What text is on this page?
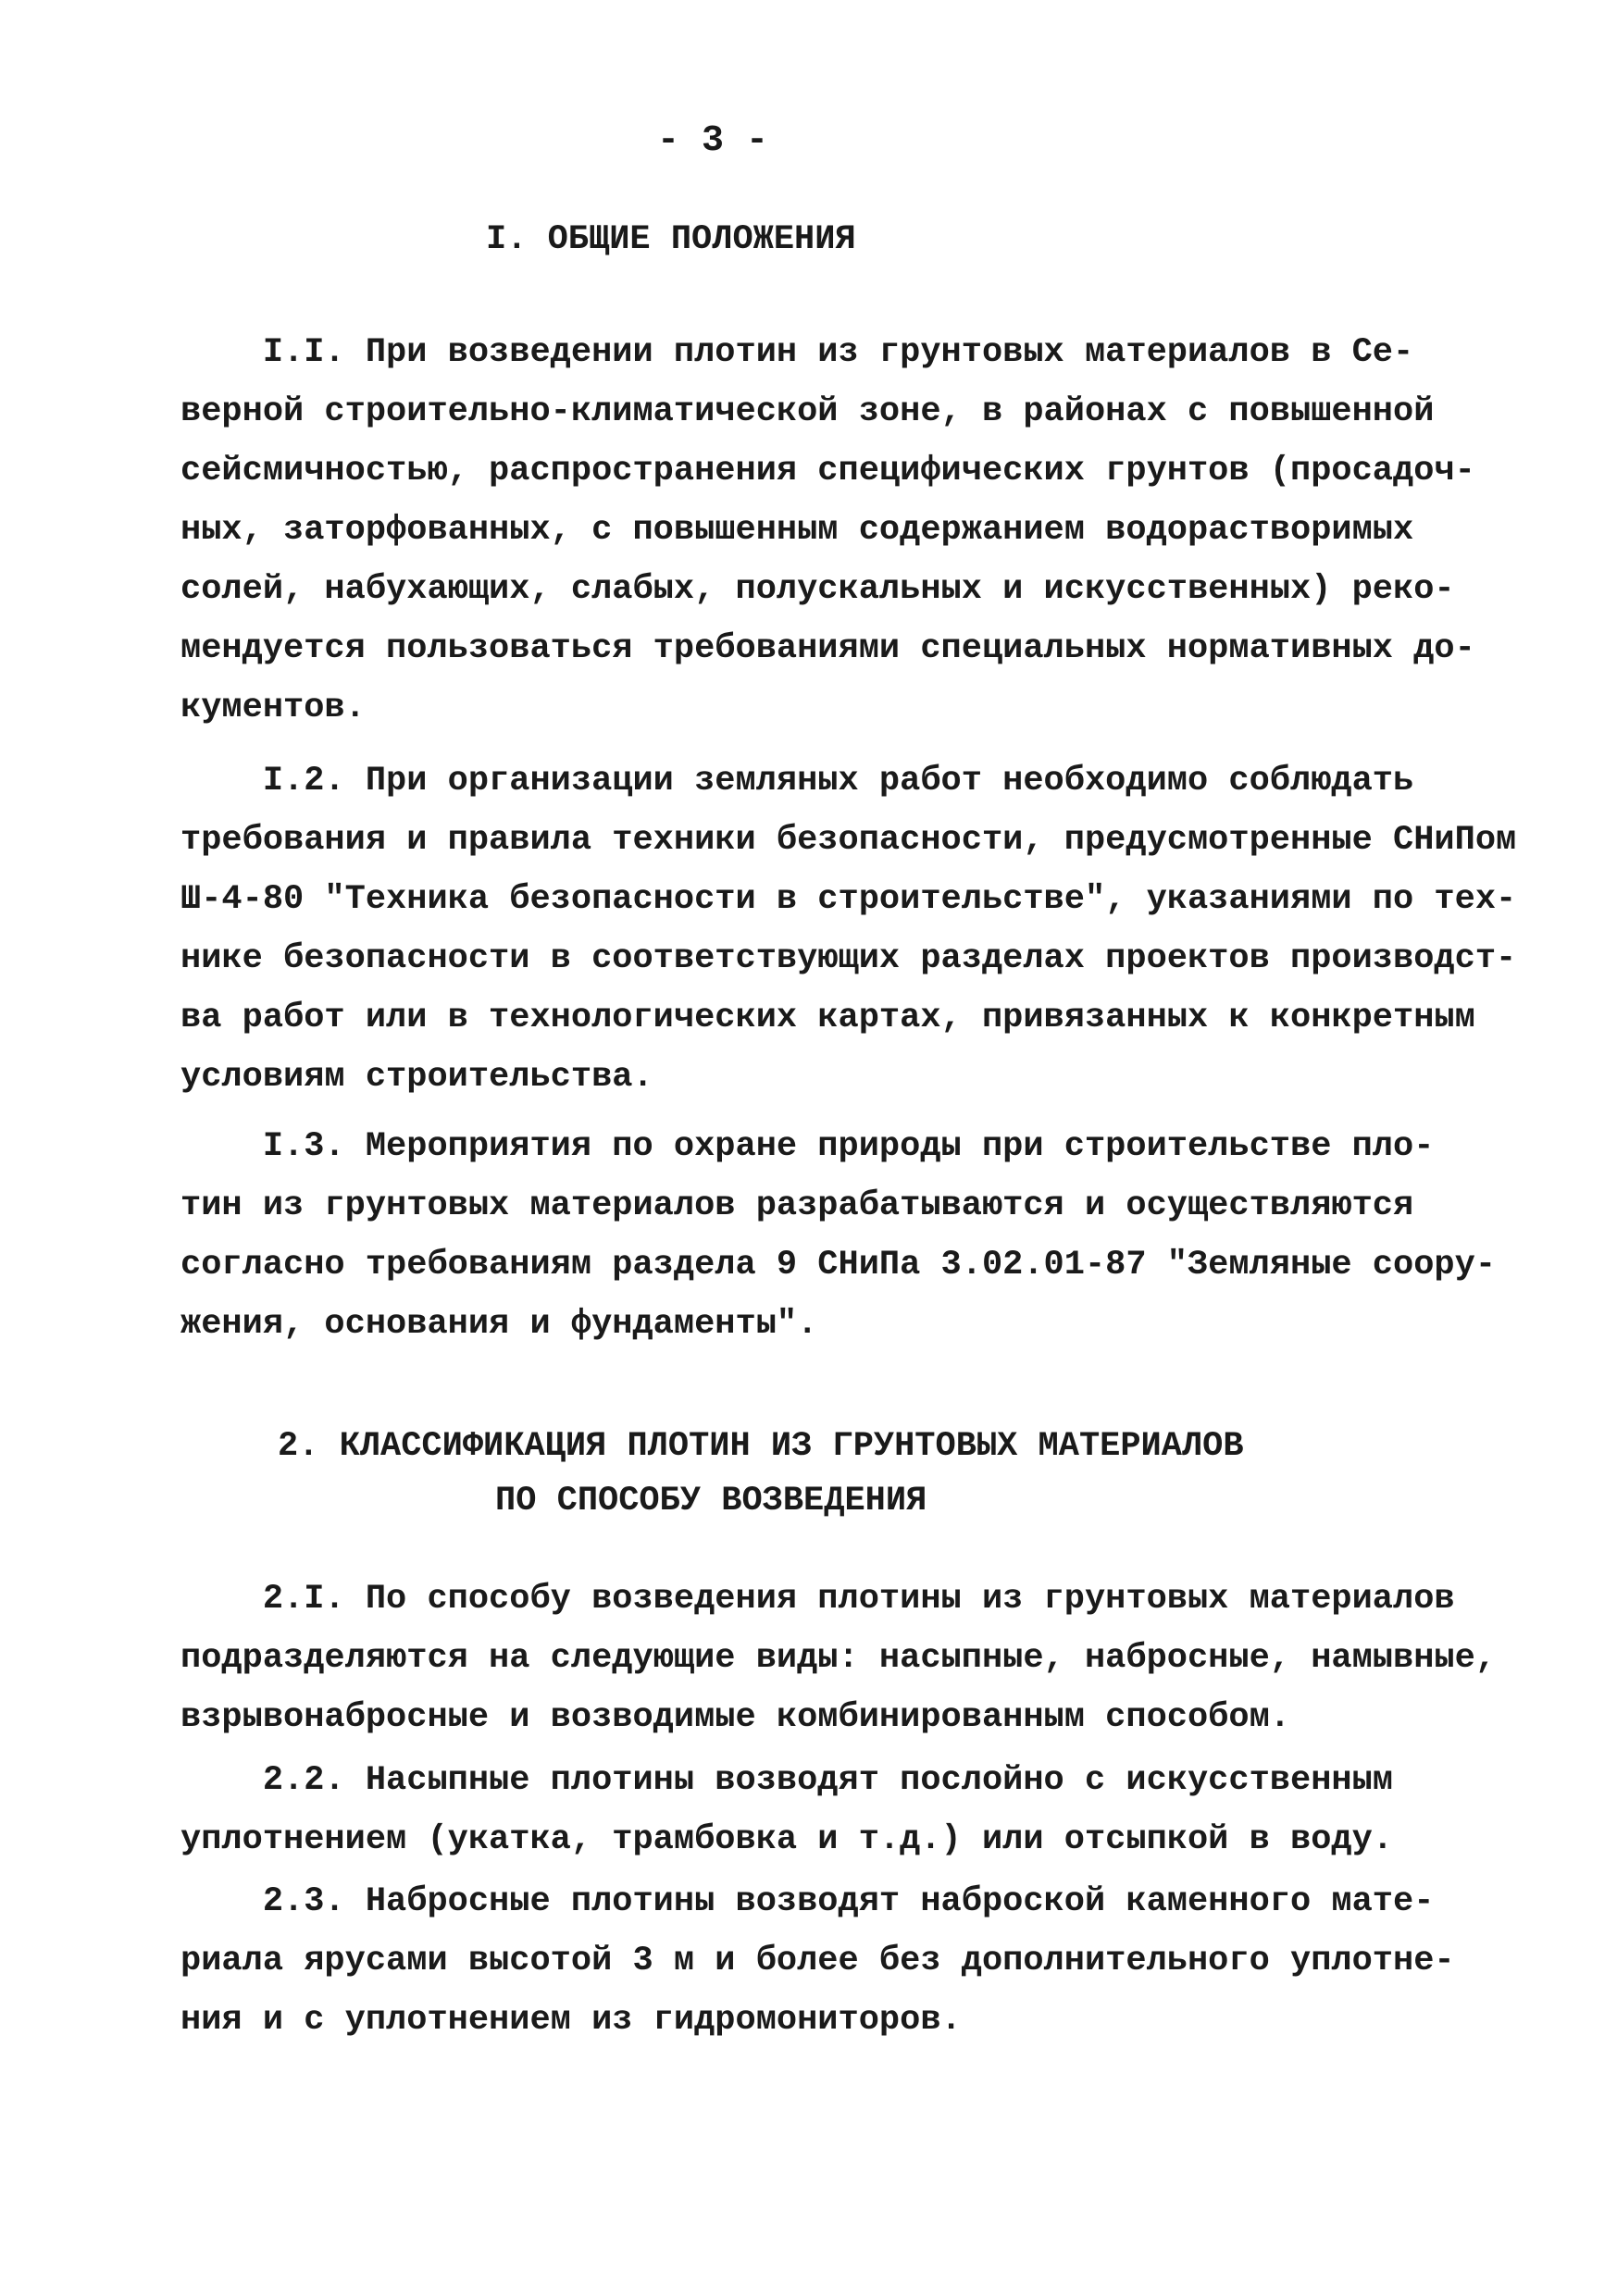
- 3 -
I. ОБЩИЕ ПОЛОЖЕНИЯ
I.I. При возведении плотин из грунтовых материалов в Се-
верной строительно-климатической зоне, в районах с повышенной
сейсмичностью, распространения специфических грунтов (просадоч-
ных, заторфованных, с повышенным содержанием водорастворимых
солей, набухающих, слабых, полускальных и искусственных) реко-
мендуется пользоваться требованиями специальных нормативных до-
кументов.
I.2. При организации земляных работ необходимо соблюдать
требования и правила техники безопасности, предусмотренные СНиПом
Ш-4-80 "Техника безопасности в строительстве", указаниями по тех-
нике безопасности в соответствующих разделах проектов производст-
ва работ или в технологических картах, привязанных к конкретным
условиям строительства.
I.3. Мероприятия по охране природы при строительстве пло-
тин из грунтовых материалов разрабатываются и осуществляются
согласно требованиям раздела 9 СНиПа 3.02.01-87 "Земляные соору-
жения, основания и фундаменты".
2. КЛАССИФИКАЦИЯ ПЛОТИН ИЗ ГРУНТОВЫХ МАТЕРИАЛОВ
ПО СПОСОБУ ВОЗВЕДЕНИЯ
2.I. По способу возведения плотины из грунтовых материалов
подразделяются на следующие виды: насыпные, набросные, намывные,
взрывонабросные и возводимые комбинированным способом.
2.2. Насыпные плотины возводят послойно с искусственным
уплотнением (укатка, трамбовка и т.д.) или отсыпкой в воду.
2.3. Набросные плотины возводят наброской каменного мате-
риала ярусами высотой 3 м и более без дополнительного уплотне-
ния и с уплотнением из гидромониторов.
